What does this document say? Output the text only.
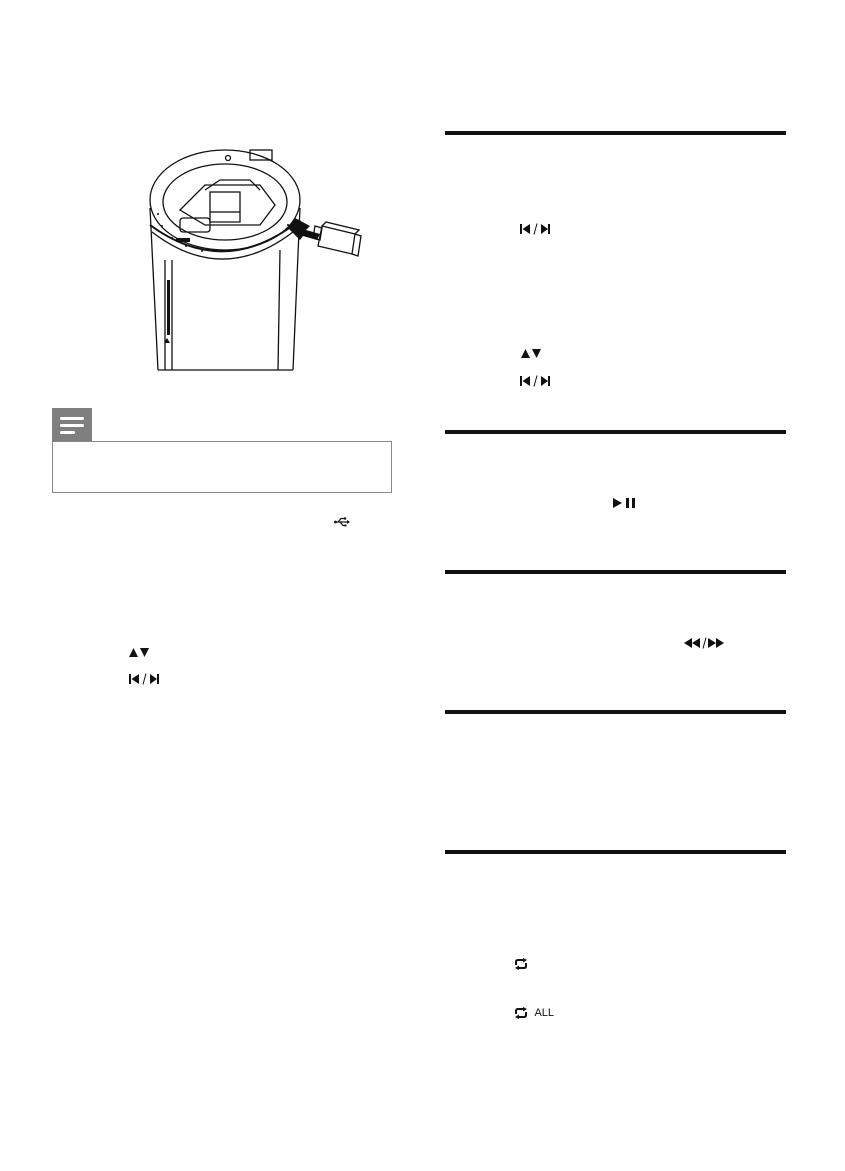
ALL
